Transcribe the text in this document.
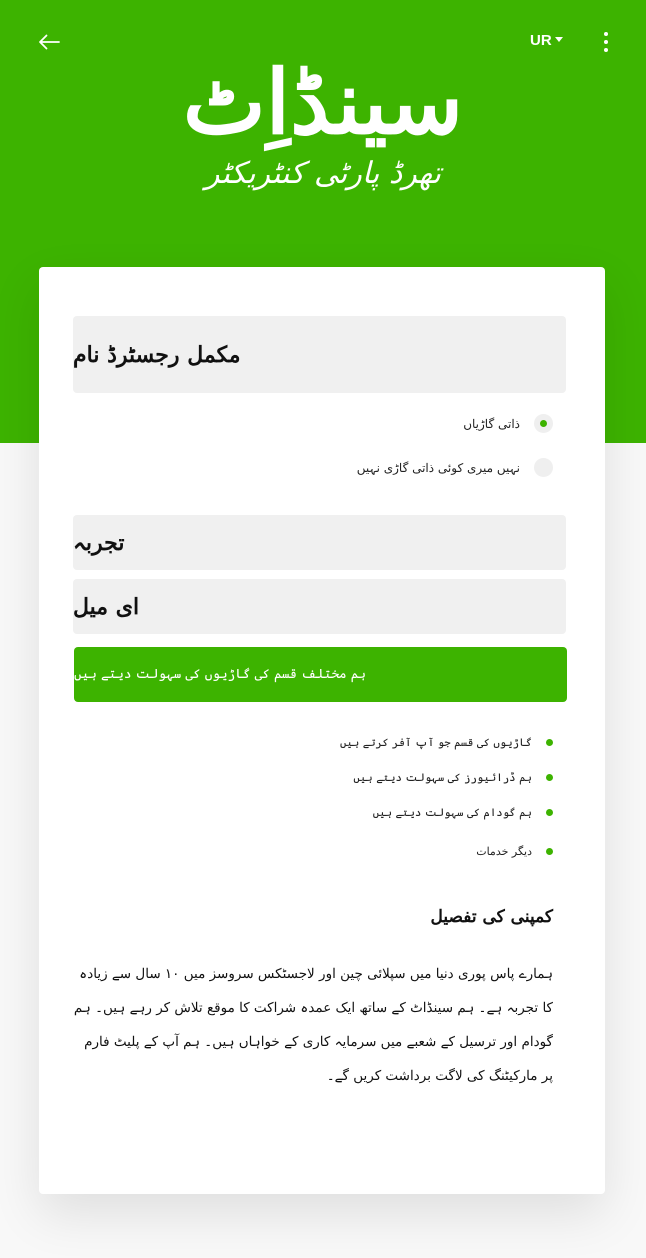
UR
سینڈاِٹ
تھرڈ پارٹی کنٹریکٹر
مکمل رجسٹرڈ نام
ذاتی گاڑیاں
نہیں میری کوئی ذاتی گاڑی نہیں
تجربہ
ای میل
ہم مختلف قسم کی گاڑیوں کی سہولت دیتے ہیں
گاڑیوں کی قسم جو آپ آفر کرتے ہیں
ہم ڈرائیورز کی سہولت دیتے ہیں
ہم گودام کی سہولت دیتے ہیں
دیگر خدمات
کمپنی کی تفصیل

ہمارے پاس پوری دنیا میں سپلائی چین اور لاجسٹکس سروسز میں ۱۰ سال سے زیادہ کا تجربہ ہے۔ ہم سینڈاٹ کے ساتھ ایک عمدہ شراکت کا موقع تلاش کر رہے ہیں۔ ہم گودام اور ترسیل کے شعبے میں سرمایہ کاری کے خواہاں ہیں۔ ہم آپ کے پلیٹ فارم پر مارکیٹنگ کی لاگت برداشت کریں گے۔
